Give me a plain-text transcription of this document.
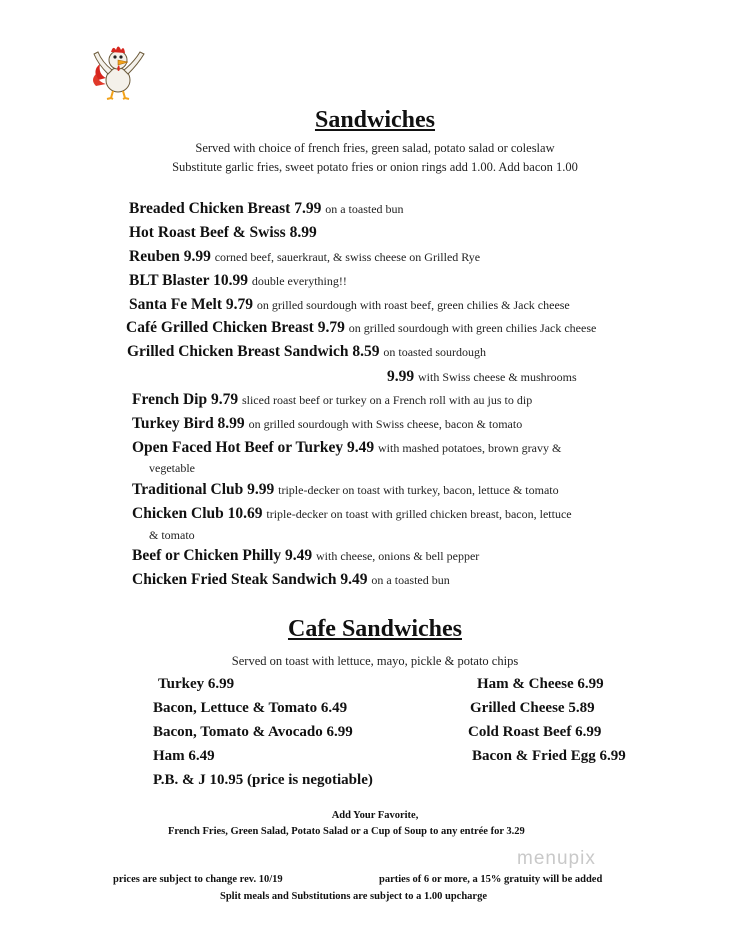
Sandwiches
Served with choice of french fries, green salad, potato salad or coleslaw
Substitute garlic fries, sweet potato fries or onion rings add 1.00. Add bacon 1.00
Breaded Chicken Breast 7.99 on a toasted bun
Hot Roast Beef & Swiss 8.99
Reuben 9.99 corned beef, sauerkraut, & swiss cheese on Grilled Rye
BLT Blaster 10.99 double everything!!
Santa Fe Melt 9.79 on grilled sourdough with roast beef, green chilies & Jack cheese
Café Grilled Chicken Breast 9.79 on grilled sourdough with green chilies Jack cheese
Grilled Chicken Breast Sandwich 8.59 on toasted sourdough
9.99 with Swiss cheese & mushrooms
French Dip 9.79 sliced roast beef or turkey on a French roll with au jus to dip
Turkey Bird 8.99 on grilled sourdough with Swiss cheese, bacon & tomato
Open Faced Hot Beef or Turkey 9.49 with mashed potatoes, brown gravy &
vegetable
Traditional Club 9.99 triple-decker on toast with turkey, bacon, lettuce & tomato
Chicken Club 10.69 triple-decker on toast with grilled chicken breast, bacon, lettuce
& tomato
Beef or Chicken Philly 9.49 with cheese, onions & bell pepper
Chicken Fried Steak Sandwich 9.49 on a toasted bun
Cafe Sandwiches
Served on toast with lettuce, mayo, pickle & potato chips
Turkey 6.99
Bacon, Lettuce & Tomato 6.49
Bacon, Tomato & Avocado 6.99
Ham 6.49
P.B. & J 10.95 (price is negotiable)
Ham & Cheese 6.99
Grilled Cheese 5.89
Cold Roast Beef 6.99
Bacon & Fried Egg 6.99
Add Your Favorite,
French Fries, Green Salad, Potato Salad or a Cup of Soup to any entrée for 3.29
menupix
prices are subject to change rev. 10/19	parties of 6 or more, a 15% gratuity will be added
Split meals and Substitutions are subject to a 1.00 upcharge
